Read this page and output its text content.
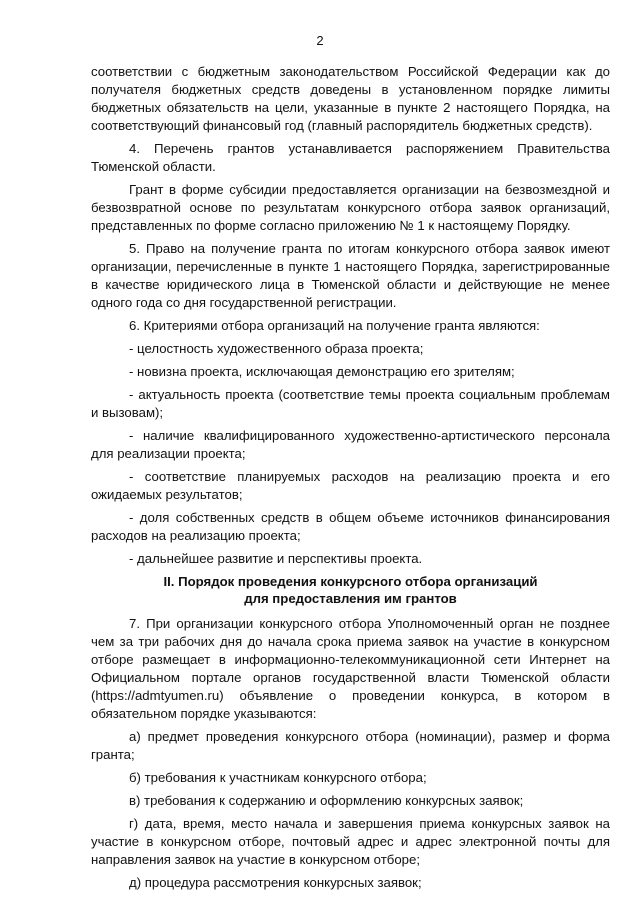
2

соответствии с бюджетным законодательством Российской Федерации как до получателя бюджетных средств доведены в установленном порядке лимиты бюджетных обязательств на цели, указанные в пункте 2 настоящего Порядка, на соответствующий финансовый год (главный распорядитель бюджетных средств).

4. Перечень грантов устанавливается распоряжением Правительства Тюменской области.

Грант в форме субсидии предоставляется организации на безвозмездной и безвозвратной основе по результатам конкурсного отбора заявок организаций, представленных по форме согласно приложению № 1 к настоящему Порядку.

5. Право на получение гранта по итогам конкурсного отбора заявок имеют организации, перечисленные в пункте 1 настоящего Порядка, зарегистрированные в качестве юридического лица в Тюменской области и действующие не менее одного года со дня государственной регистрации.

6. Критериями отбора организаций на получение гранта являются:

- целостность художественного образа проекта;

- новизна проекта, исключающая демонстрацию его зрителям;

- актуальность проекта (соответствие темы проекта социальным проблемам и вызовам);

- наличие квалифицированного художественно-артистического персонала для реализации проекта;

- соответствие планируемых расходов на реализацию проекта и его ожидаемых результатов;

- доля собственных средств в общем объеме источников финансирования расходов на реализацию проекта;

- дальнейшее развитие и перспективы проекта.

II. Порядок проведения конкурсного отбора организаций
для предоставления им грантов

7. При организации конкурсного отбора Уполномоченный орган не позднее чем за три рабочих дня до начала срока приема заявок на участие в конкурсном отборе размещает в информационно-телекоммуникационной сети Интернет на Официальном портале органов государственной власти Тюменской области (https://admtyumen.ru) объявление о проведении конкурса, в котором в обязательном порядке указываются:

а) предмет проведения конкурсного отбора (номинации), размер и форма гранта;

б) требования к участникам конкурсного отбора;

в) требования к содержанию и оформлению конкурсных заявок;

г) дата, время, место начала и завершения приема конкурсных заявок на участие в конкурсном отборе, почтовый адрес и адрес электронной почты для направления заявок на участие в конкурсном отборе;

д) процедура рассмотрения конкурсных заявок;
